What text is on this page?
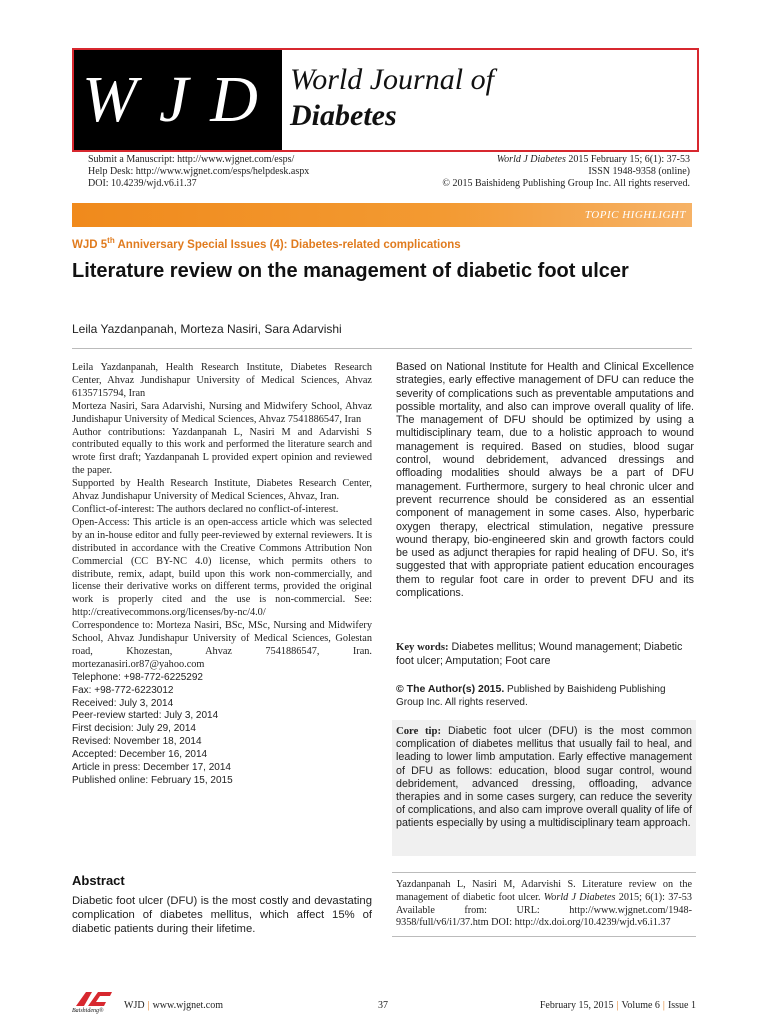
WJD World Journal of
Diabetes
Submit a Manuscript: http://www.wjgnet.com/esps/
Help Desk: http://www.wjgnet.com/esps/helpdesk.aspx
DOI: 10.4239/wjd.v6.i1.37
World J Diabetes 2015 February 15; 6(1): 37-53
ISSN 1948-9358 (online)
© 2015 Baishideng Publishing Group Inc. All rights reserved.
TOPIC HIGHLIGHT
WJD 5th Anniversary Special Issues (4): Diabetes-related complications
Literature review on the management of diabetic foot ulcer
Leila Yazdanpanah, Morteza Nasiri, Sara Adarvishi

Leila Yazdanpanah, Health Research Institute, Diabetes Research Center, Ahvaz Jundishapur University of Medical Sciences, Ahvaz 6135715794, Iran

Morteza Nasiri, Sara Adarvishi, Nursing and Midwifery School, Ahvaz Jundishapur University of Medical Sciences, Ahvaz 7541886547, Iran

Author contributions: Yazdanpanah L, Nasiri M and Adarvishi S contributed equally to this work and performed the literature search and wrote first draft; Yazdanpanah L provided expert opinion and reviewed the paper.

Supported by Health Research Institute, Diabetes Research Center, Ahvaz Jundishapur University of Medical Sciences, Ahvaz, Iran.

Conflict-of-interest: The authors declared no conflict-of-interest.

Open-Access: This article is an open-access article which was selected by an in-house editor and fully peer-reviewed by external reviewers. It is distributed in accordance with the Creative Commons Attribution Non Commercial (CC BY-NC 4.0) license, which permits others to distribute, remix, adapt, build upon this work non-commercially, and license their derivative works on different terms, provided the original work is properly cited and the use is non-commercial. See: http://creativecommons.org/licenses/by-nc/4.0/

Correspondence to: Morteza Nasiri, BSc, MSc, Nursing and Midwifery School, Ahvaz Jundishapur University of Medical Sciences, Golestan road, Khozestan, Ahvaz 7541886547, Iran. mortezanasiri.or87@yahoo.com

Telephone: +98-772-6225292

Fax: +98-772-6223012

Received: July 3, 2014

Peer-review started: July 3, 2014

First decision: July 29, 2014

Revised: November 18, 2014

Accepted: December 16, 2014

Article in press: December 17, 2014

Published online: February 15, 2015

Abstract

Diabetic foot ulcer (DFU) is the most costly and devastating complication of diabetes mellitus, which affect 15% of diabetic patients during their lifetime.

Based on National Institute for Health and Clinical Excellence strategies, early effective management of DFU can reduce the severity of complications such as preventable amputations and possible mortality, and also can improve overall quality of life. The management of DFU should be optimized by using a multidisciplinary team, due to a holistic approach to wound management is required. Based on studies, blood sugar control, wound debridement, advanced dressings and offloading modalities should always be a part of DFU management. Furthermore, surgery to heal chronic ulcer and prevent recurrence should be considered as an essential component of management in some cases. Also, hyperbaric oxygen therapy, electrical stimulation, negative pressure wound therapy, bio-engineered skin and growth factors could be used as adjunct therapies for rapid healing of DFU. So, it's suggested that with appropriate patient education encourages them to regular foot care in order to prevent DFU and its complications.

Key words: Diabetes mellitus; Wound management; Diabetic foot ulcer; Amputation; Foot care

© The Author(s) 2015. Published by Baishideng Publishing Group Inc. All rights reserved.

Core tip: Diabetic foot ulcer (DFU) is the most common complication of diabetes mellitus that usually fail to heal, and leading to lower limb amputation. Early effective management of DFU as follows: education, blood sugar control, wound debridement, advanced dressing, offloading, advance therapies and in some cases surgery, can reduce the severity of complications, and also cam improve overall quality of life of patients especially by using a multidisciplinary team approach.
Yazdanpanah L, Nasiri M, Adarvishi S. Literature review on the management of diabetic foot ulcer. World J Diabetes 2015; 6(1): 37-53 Available from: URL: http://www.wjgnet.com/1948-9358/full/v6/i1/37.htm DOI: http://dx.doi.org/10.4239/wjd.v6.i1.37
Baishideng® WJD | www.wjgnet.com	37	February 15, 2015 | Volume 6 | Issue 1
